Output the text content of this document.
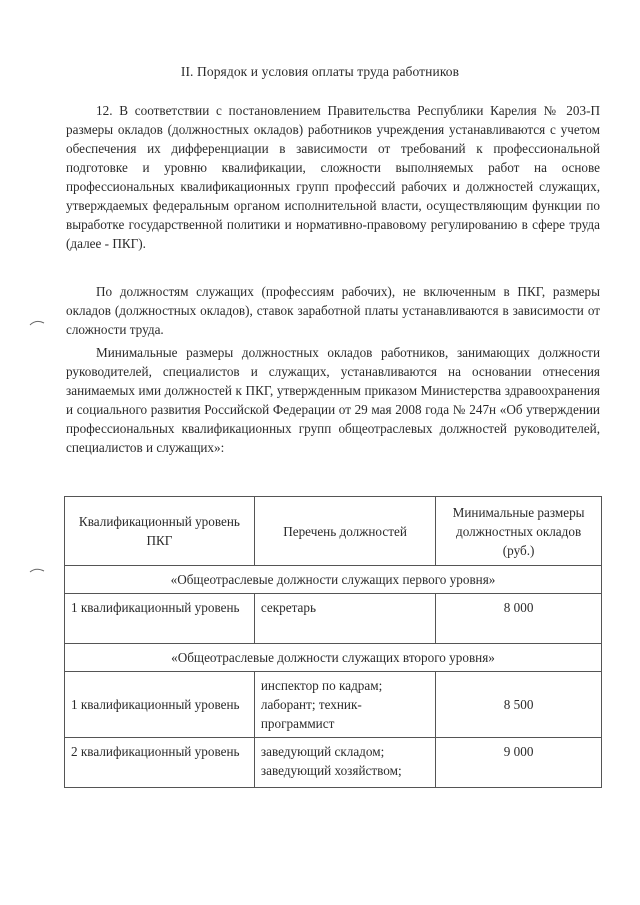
II. Порядок и условия оплаты труда работников

12. В соответствии с постановлением Правительства Республики Карелия № 203-П размеры окладов (должностных окладов) работников учреждения устанавливаются с учетом обеспечения их дифференциации в зависимости от требований к профессиональной подготовке и уровню квалификации, сложности выполняемых работ на основе профессиональных квалификационных групп профессий рабочих и должностей служащих, утверждаемых федеральным органом исполнительной власти, осуществляющим функции по выработке государственной политики и нормативно-правовому регулированию в сфере труда (далее - ПКГ).

По должностям служащих (профессиям рабочих), не включенным в ПКГ, размеры окладов (должностных окладов), ставок заработной платы устанавливаются в зависимости от сложности труда.

Минимальные размеры должностных окладов работников, занимающих должности руководителей, специалистов и служащих, устанавливаются на основании отнесения занимаемых ими должностей к ПКГ, утвержденным приказом Министерства здравоохранения и социального развития Российской Федерации от 29 мая 2008 года № 247н «Об утверждении профессиональных квалификационных групп общеотраслевых должностей руководителей, специалистов и служащих»:

Квалификационный уровень ПКГ	Перечень должностей	Минимальные размеры должностных окладов (руб.)
«Общеотраслевые должности служащих первого уровня»		
1 квалификационный уровень	секретарь	8 000
«Общеотраслевые должности служащих второго уровня»		
1 квалификационный уровень	инспектор по кадрам; лаборант; техник-программист	8 500
2 квалификационный уровень	заведующий складом; заведующий хозяйством;	9 000
